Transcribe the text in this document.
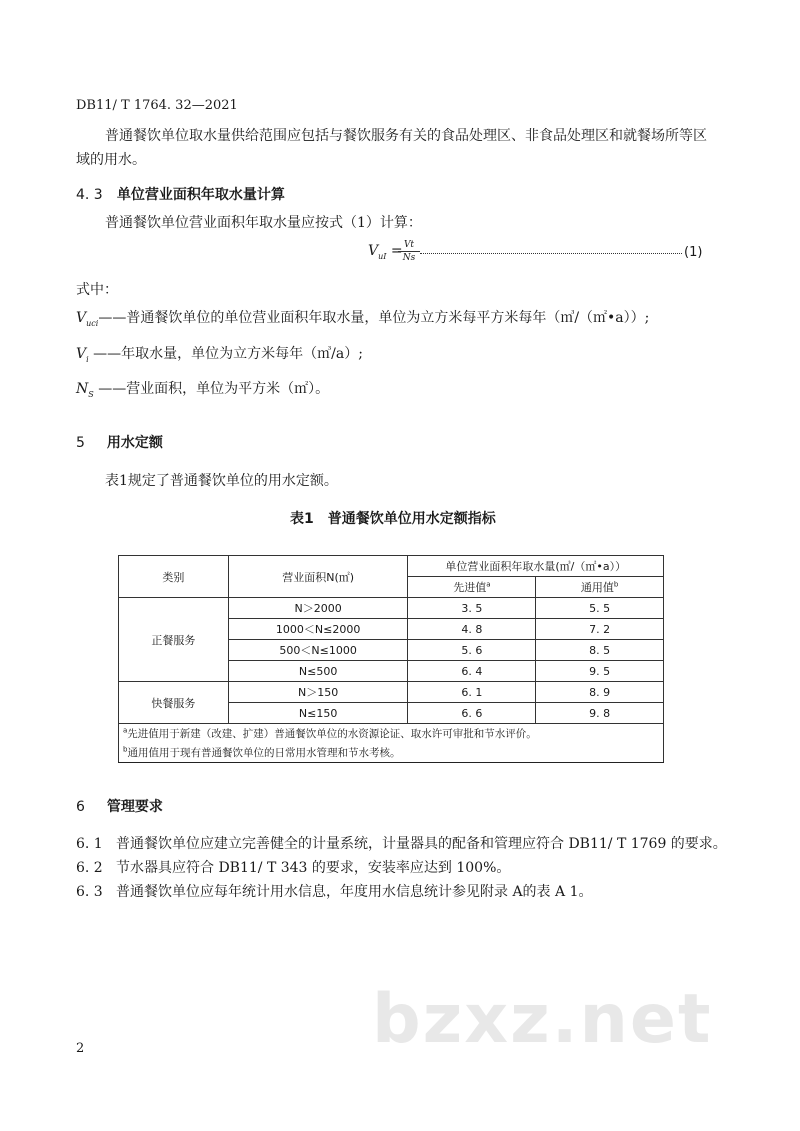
DB11/ T 1764. 32—2021
普通餐饮单位取水量供给范围应包括与餐饮服务有关的食品处理区、非食品处理区和就餐场所等区
域的用水。
4. 3 单位营业面积年取水量计算
普通餐饮单位营业面积年取水量应按式（1）计算：
$V_{uI} = Vt$
Ns	(1)
式中：
$V_{uci}——$普通餐饮单位的单位营业面积年取水量，单位为立方米每平方米每年（㎥/（㎡•a））;
$V_i$ ——年取水量，单位为立方米每年（㎥/a）;
$N_S$ ——营业面积，单位为平方米（㎡）。
5 用水定额
表1规定了普通餐饮单位的用水定额。
表1　普通餐饮单位用水定额指标
类别	营业面积N(㎡)	单位营业面积年取水量(㎥/（㎡•a））	
		先进值$^a$	通用值$^b$
正餐服务	N＞2000	3. 5	5. 5
	1000＜N≤2000	4. 8	7. 2
	500＜N≤1000	5. 6	8. 5
	N≤500	6. 4	9. 5
快餐服务	N＞150	6. 1	8. 9
	N≤150	6. 6	9. 8
$^a$先进值用于新建（改建、扩建）普通餐饮单位的水资源论证、取水许可审批和节水评价。			
$^b$通用值用于现有普通餐饮单位的日常用水管理和节水考核。			
6 管理要求
6. 1 普通餐饮单位应建立完善健全的计量系统，计量器具的配备和管理应符合 DB11/ T 1769 的要求。
6. 2 节水器具应符合 DB11/ T 343 的要求，安装率应达到 100%。
6. 3 普通餐饮单位应每年统计用水信息，年度用水信息统计参见附录 A的表 A 1。
bzxz.net
2
